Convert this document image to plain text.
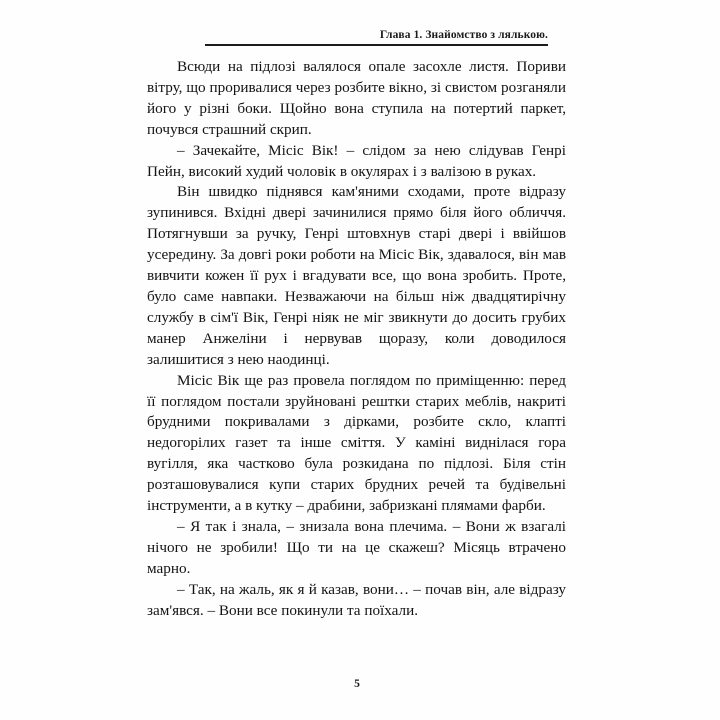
Глава 1. Знайомство з лялькою.

Всюди на підлозі валялося опале засохле листя. Пориви вітру, що проривалися через розбите вікно, зі свистом розганяли його у різні боки. Щойно вона ступила на потертий паркет, почувся страшний скрип.

– Зачекайте, Місіс Вік! – слідом за нею слідував Генрі Пейн, високий худий чоловік в окулярах і з валізою в руках.

Він швидко піднявся кам'яними сходами, проте відразу зупинився. Вхідні двері зачинилися прямо біля його обличчя. Потягнувши за ручку, Генрі штовхнув старі двері і ввійшов усередину. За довгі роки роботи на Місіс Вік, здавалося, він мав вивчити кожен її рух і вгадувати все, що вона зробить. Проте, було саме навпаки. Незважаючи на більш ніж двадцятирічну службу в сім'ї Вік, Генрі ніяк не міг звикнути до досить грубих манер Анжеліни і нервував щоразу, коли доводилося залишитися з нею наодинці.

Місіс Вік ще раз провела поглядом по приміщенню: перед її поглядом постали зруйновані рештки старих меблів, накриті брудними покривалами з дірками, розбите скло, клапті недогорілих газет та інше сміття. У каміні виднілася гора вугілля, яка частково була розкидана по підлозі. Біля стін розташовувалися купи старих брудних речей та будівельні інструменти, а в кутку – драбини, забризкані плямами фарби.

– Я так і знала, – знизала вона плечима. – Вони ж взагалі нічого не зробили! Що ти на це скажеш? Місяць втрачено марно.

– Так, на жаль, як я й казав, вони… – почав він, але відразу зам'явся. – Вони все покинули та поїхали.

5
